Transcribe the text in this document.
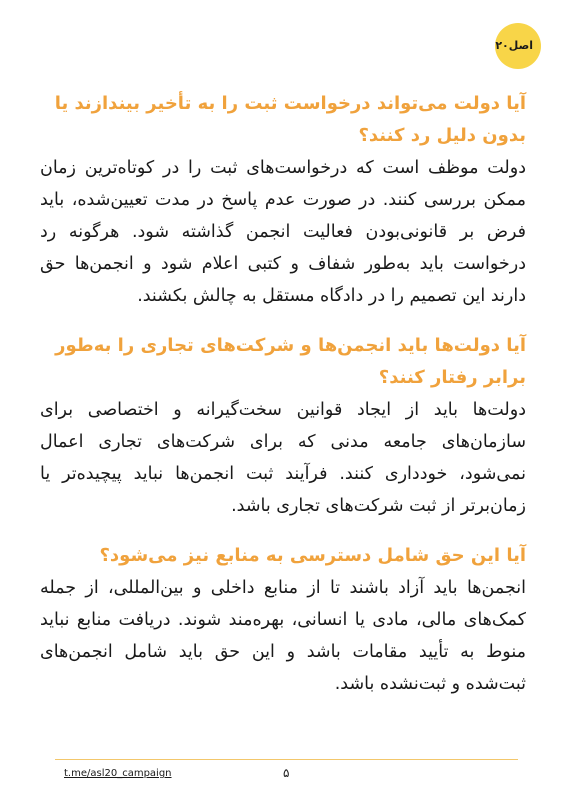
اصل۲۰

آیا دولت می‌تواند درخواست ثبت را به تأخیر بیندازند یا بدون دلیل رد کنند؟

دولت موظف است که درخواست‌های ثبت را در کوتاه‌ترین زمان ممکن بررسی کنند. در صورت عدم پاسخ در مدت تعیین‌شده، باید فرض بر قانونی‌بودن فعالیت انجمن گذاشته شود. هرگونه رد درخواست باید به‌طور شفاف و کتبی اعلام شود و انجمن‌ها حق دارند این تصمیم را در دادگاه مستقل به چالش بکشند.

آیا دولت‌ها باید انجمن‌ها و شرکت‌های تجاری را به‌طور برابر رفتار کنند؟

دولت‌ها باید از ایجاد قوانین سخت‌گیرانه و اختصاصی برای سازمان‌های جامعه مدنی که برای شرکت‌های تجاری اعمال نمی‌شود، خودداری کنند. فرآیند ثبت انجمن‌ها نباید پیچیده‌تر یا زمان‌برتر از ثبت شرکت‌های تجاری باشد.

آیا این حق شامل دسترسی به منابع نیز می‌شود؟

انجمن‌ها باید آزاد باشند تا از منابع داخلی و بین‌المللی، از جمله کمک‌های مالی، مادی یا انسانی، بهره‌مند شوند. دریافت منابع نباید منوط به تأیید مقامات باشد و این حق باید شامل انجمن‌های ثبت‌شده و ثبت‌نشده باشد.

t.me/asl20_campaign	۵
